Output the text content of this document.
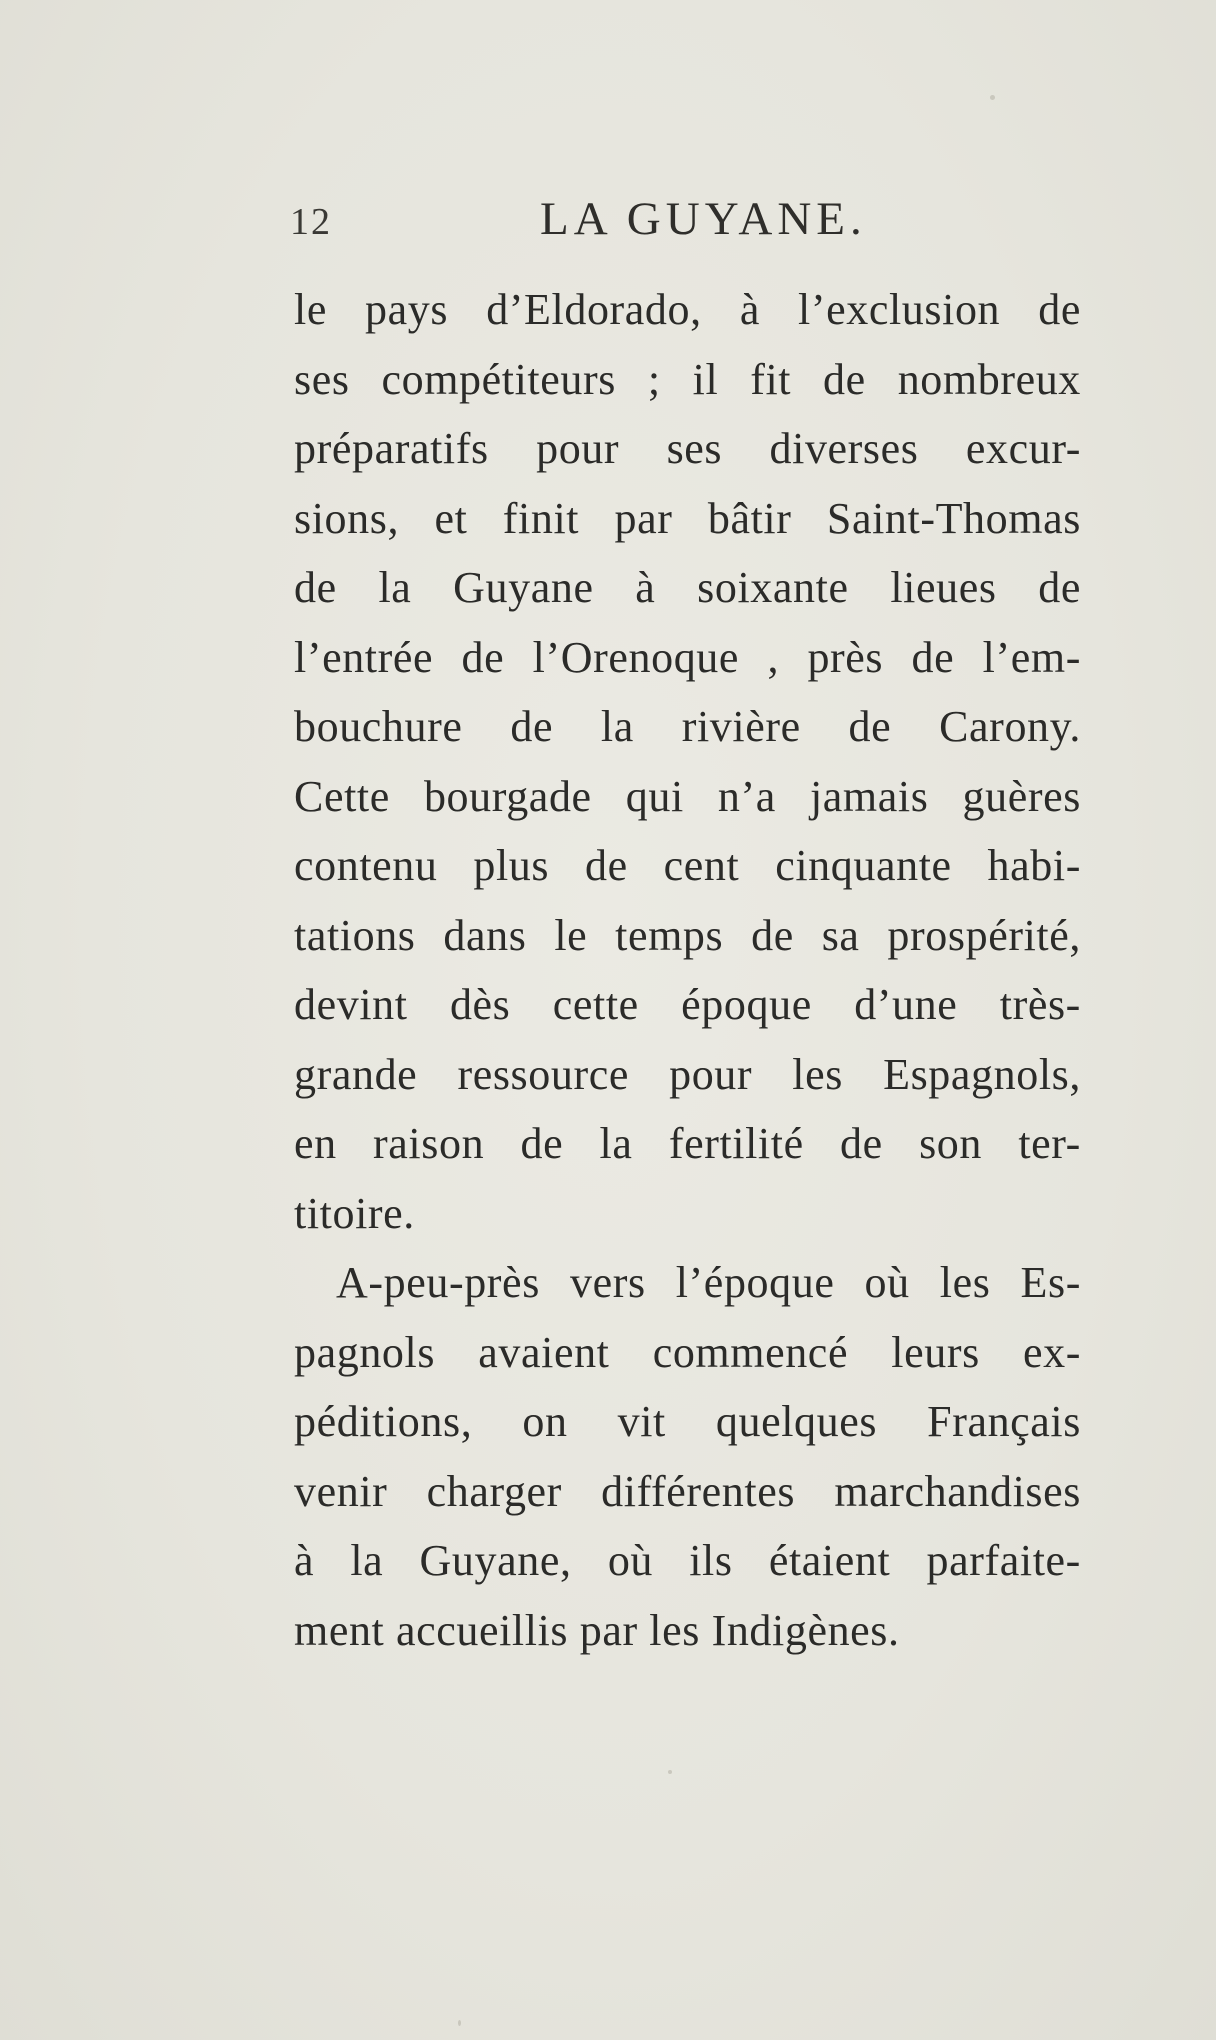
12	LA GUYANE.
le pays d’Eldorado, à l’exclusion de
ses compétiteurs ; il fit de nombreux
préparatifs pour ses diverses excur-
sions, et finit par bâtir Saint-Thomas
de la Guyane à soixante lieues de
l’entrée de l’Orenoque , près de l’em-
bouchure de la rivière de Carony.
Cette bourgade qui n’a jamais guères
contenu plus de cent cinquante habi-
tations dans le temps de sa prospérité,
devint dès cette époque d’une très-
grande ressource pour les Espagnols,
en raison de la fertilité de son ter-
titoire.
A-peu-près vers l’époque où les Es-
pagnols avaient commencé leurs ex-
péditions, on vit quelques Français
venir charger différentes marchandises
à la Guyane, où ils étaient parfaite-
ment accueillis par les Indigènes.
